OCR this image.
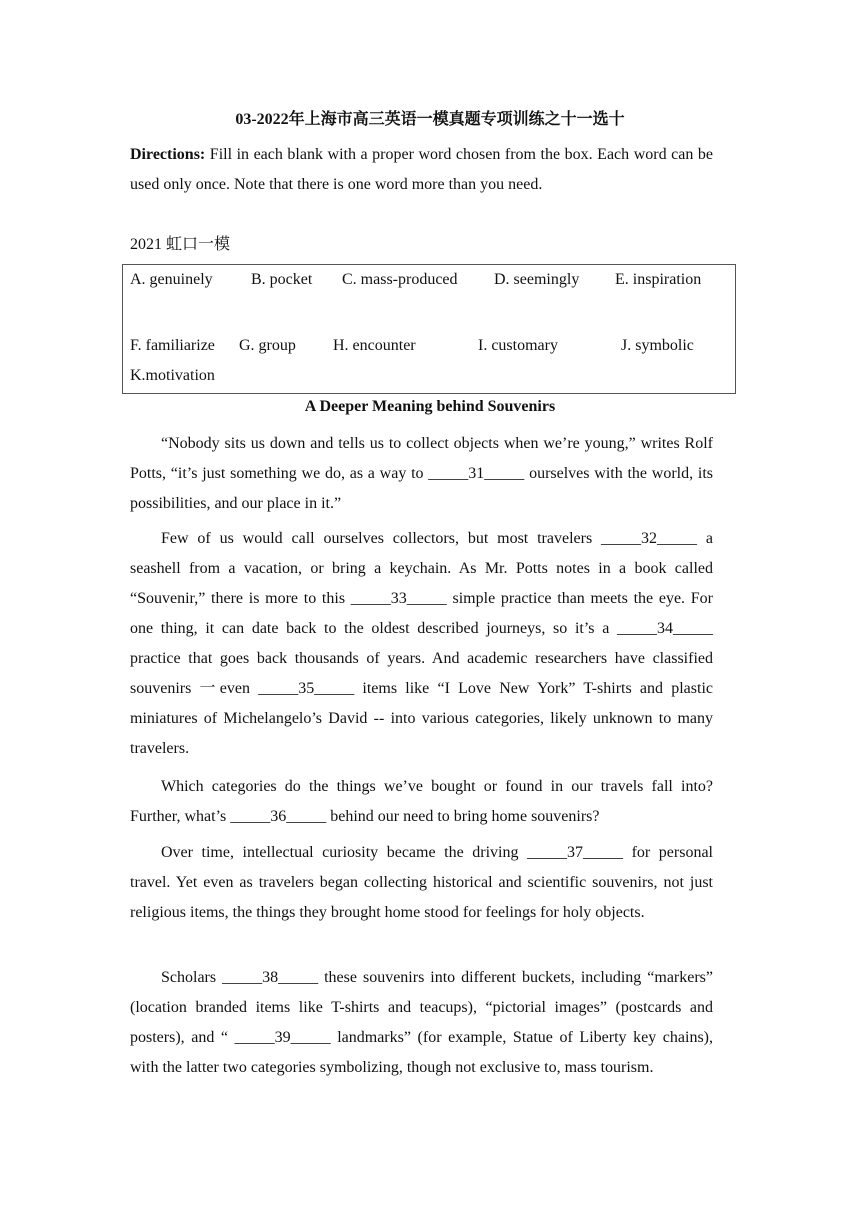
03-2022年上海市高三英语一模真题专项训练之十一选十

Directions: Fill in each blank with a proper word chosen from the box. Each word can be used only once. Note that there is one word more than you need.

2021 虹口一模
A. genuinely B. pocket C. mass-produced D. seemingly E. inspiration
F. familiarize G. group H. encounter	I. customary	J. symbolic
K.motivation
A Deeper Meaning behind Souvenirs

“Nobody sits us down and tells us to collect objects when we’re young,” writes Rolf Potts, “it’s just something we do, as a way to _____31_____ ourselves with the world, its possibilities, and our place in it.”

Few of us would call ourselves collectors, but most travelers _____32_____ a seashell from a vacation, or bring a keychain. As Mr. Potts notes in a book called “Souvenir,” there is more to this _____33_____ simple practice than meets the eye. For one thing, it can date back to the oldest described journeys, so it’s a _____34_____ practice that goes back thousands of years. And academic researchers have classified souvenirs 一even _____35_____ items like “I Love New York” T-shirts and plastic miniatures of Michelangelo’s David -- into various categories, likely unknown to many travelers.

Which categories do the things we’ve bought or found in our travels fall into? Further, what’s _____36_____ behind our need to bring home souvenirs?

Over time, intellectual curiosity became the driving _____37_____ for personal travel. Yet even as travelers began collecting historical and scientific souvenirs, not just religious items, the things they brought home stood for feelings for holy objects.

Scholars _____38_____ these souvenirs into different buckets, including “markers” (location branded items like T-shirts and teacups), “pictorial images” (postcards and posters), and “ _____39_____ landmarks” (for example, Statue of Liberty key chains), with the latter two categories symbolizing, though not exclusive to, mass tourism.
